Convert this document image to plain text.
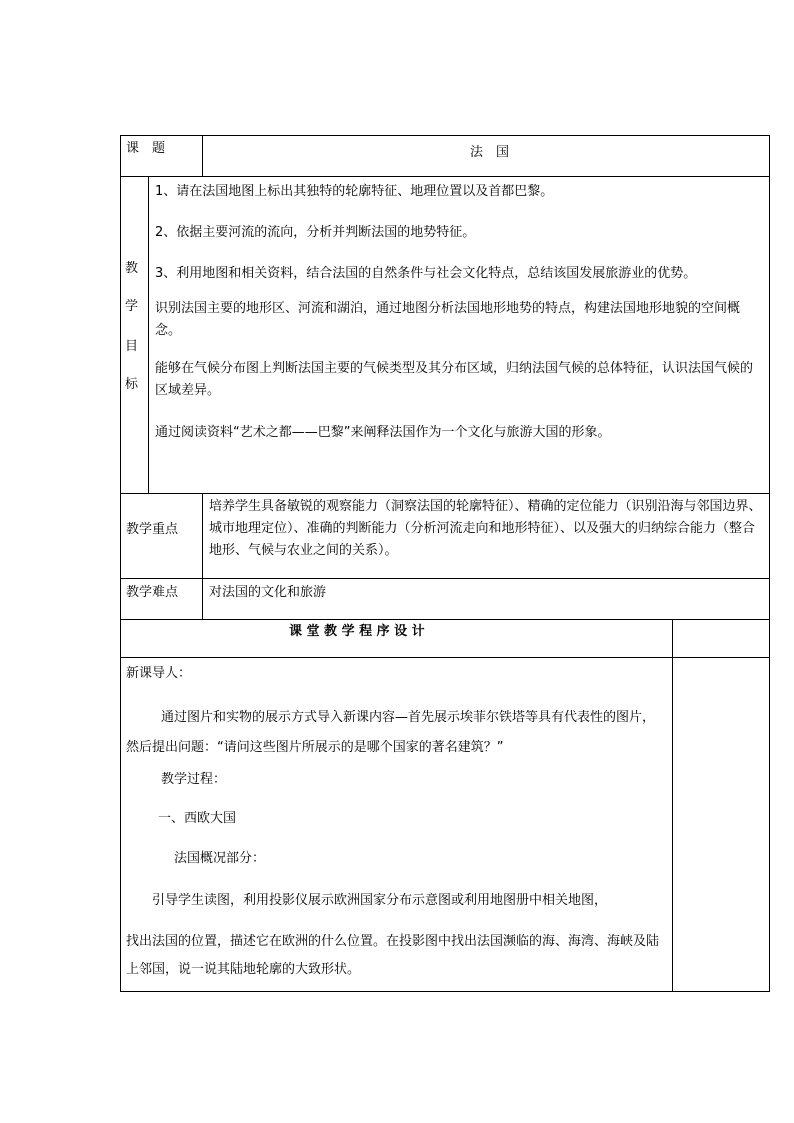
课　题	法　国
教
学
目
标
1、请在法国地图上标出其独特的轮廓特征、地理位置以及首都巴黎。
2、依据主要河流的流向，分析并判断法国的地势特征。
3、利用地图和相关资料，结合法国的自然条件与社会文化特点，总结该国发展旅游业的优势。
识别法国主要的地形区、河流和湖泊，通过地图分析法国地形地势的特点，构建法国地形地貌的空间概念。
能够在气候分布图上判断法国主要的气候类型及其分布区域，归纳法国气候的总体特征，认识法国气候的区域差异。
通过阅读资料“艺术之都——巴黎”来阐释法国作为一个文化与旅游大国的形象。
教学重点
培养学生具备敏锐的观察能力（洞察法国的轮廓特征）、精确的定位能力（识别沿海与邻国边界、城市地理定位）、准确的判断能力（分析河流走向和地形特征）、以及强大的归纳综合能力（整合地形、气候与农业之间的关系）。
教学难点 对法国的文化和旅游
课 堂 教 学 程 序 设 计
新课导人：
通过图片和实物的展示方式导入新课内容—首先展示埃菲尔铁塔等具有代表性的图片，然后提出问题：“请问这些图片所展示的是哪个国家的著名建筑？”
教学过程：
一、西欧大国
法国概况部分：
引导学生读图，利用投影仪展示欧洲国家分布示意图或利用地图册中相关地图，
找出法国的位置，描述它在欧洲的什么位置。在投影图中找出法国濒临的海、海湾、海峡及陆上邻国，说一说其陆地轮廓的大致形状。
